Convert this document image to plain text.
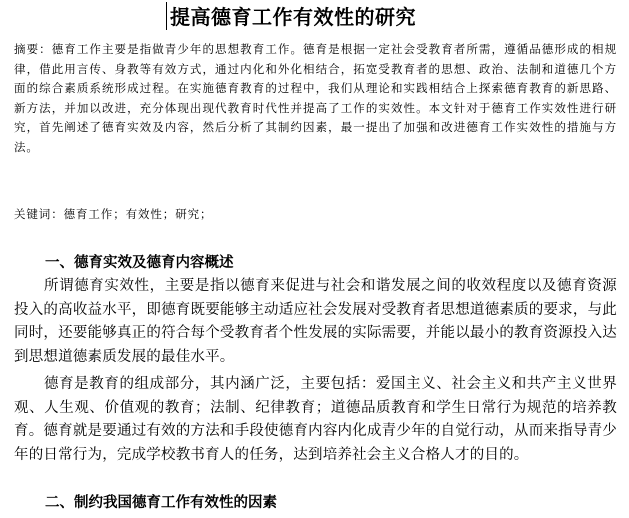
提高德育工作有效性的研究
摘要：德育工作主要是指做青少年的思想教育工作。德育是根据一定社会受教育者所需，遵循品德形成的相规律，借此用言传、身教等有效方式，通过内化和外化相结合，拓宽受教育者的思想、政治、法制和道德几个方面的综合素质系统形成过程。在实施德育教育的过程中，我们从理论和实践相结合上探索德育教育的新思路、新方法，并加以改进，充分体现出现代教育时代性并提高了工作的实效性。本文针对于德育工作实效性进行研究，首先阐述了德育实效及内容，然后分析了其制约因素，最一提出了加强和改进德育工作实效性的措施与方法。
关键词：德育工作；有效性；研究；
一、德育实效及德育内容概述
所谓德育实效性，主要是指以德育来促进与社会和谐发展之间的收效程度以及德育资源投入的高收益水平，即德育既要能够主动适应社会发展对受教育者思想道德素质的要求，与此同时，还要能够真正的符合每个受教育者个性发展的实际需要，并能以最小的教育资源投入达到思想道德素质发展的最佳水平。
德育是教育的组成部分，其内涵广泛，主要包括：爱国主义、社会主义和共产主义世界观、人生观、价值观的教育；法制、纪律教育；道德品质教育和学生日常行为规范的培养教育。德育就是要通过有效的方法和手段使德育内容内化成青少年的自觉行动，从而来指导青少年的日常行为，完成学校教书育人的任务，达到培养社会主义合格人才的目的。
二、制约我国德育工作有效性的因素
